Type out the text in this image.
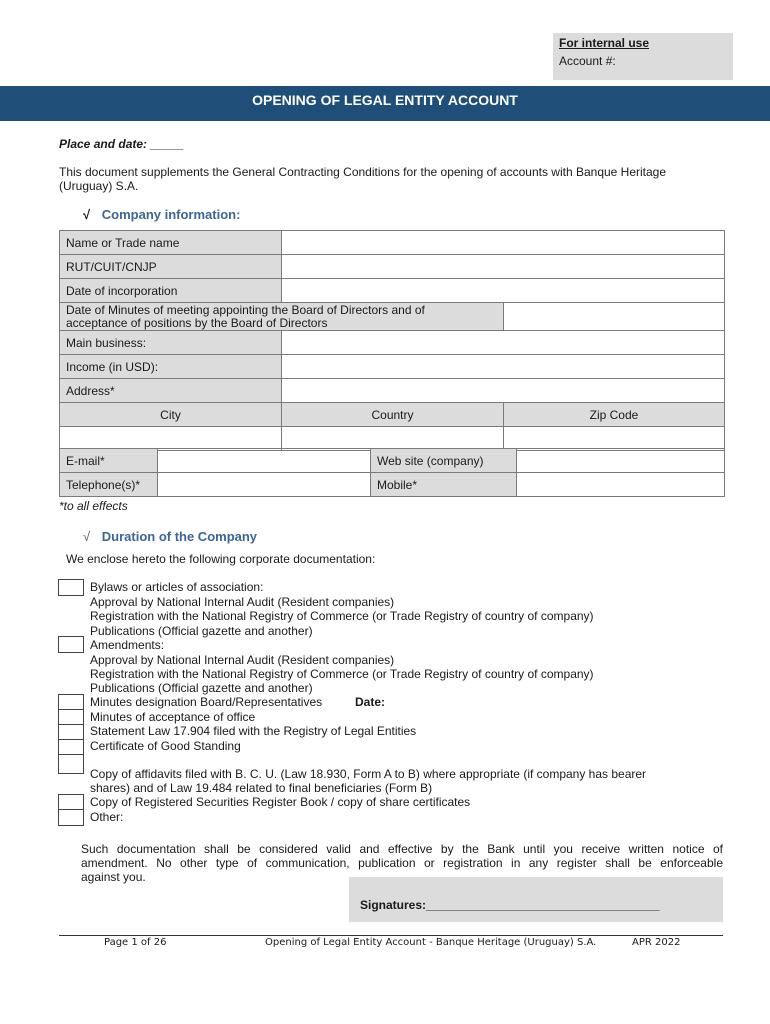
For internal use
Account #:
OPENING OF LEGAL ENTITY ACCOUNT
Place and date: _____
This document supplements the General Contracting Conditions for the opening of accounts with Banque Heritage
(Uruguay) S.A.
√ Company information:
Name or Trade name		
RUT/CUIT/CNJP		
Date of incorporation		

Date of Minutes of meeting appointing the Board of Directors and of
acceptance of positions by the Board of Directors		

Main business:		
Income (in USD):		
Address*		
City	Country	Zip Code

E-mail*		Web site (company)	
Telephone(s)*		Mobile*	
*to all effects
√ Duration of the Company
We enclose hereto the following corporate documentation:
Bylaws or articles of association:
Approval by National Internal Audit (Resident companies)
Registration with the National Registry of Commerce (or Trade Registry of country of company)
Publications (Official gazette and another)
Amendments:
Approval by National Internal Audit (Resident companies)
Registration with the National Registry of Commerce (or Trade Registry of country of company)
Publications (Official gazette and another)
Minutes designation Board/Representatives	Date:
Minutes of acceptance of office
Statement Law 17.904 filed with the Registry of Legal Entities
Certificate of Good Standing
Copy of affidavits filed with B. C. U. (Law 18.930, Form A to B) where appropriate (if company has bearer
shares) and of Law 19.484 related to final beneficiaries (Form B)
Copy of Registered Securities Register Book / copy of share certificates
Other:
Such documentation shall be considered valid and effective by the Bank until you receive written notice of
amendment. No other type of communication, publication or registration in any register shall be enforceable
against you.
Signatures:___________________________________
Page 1 of 26	Opening of Legal Entity Account - Banque Heritage (Uruguay) S.A.	APR 2022
